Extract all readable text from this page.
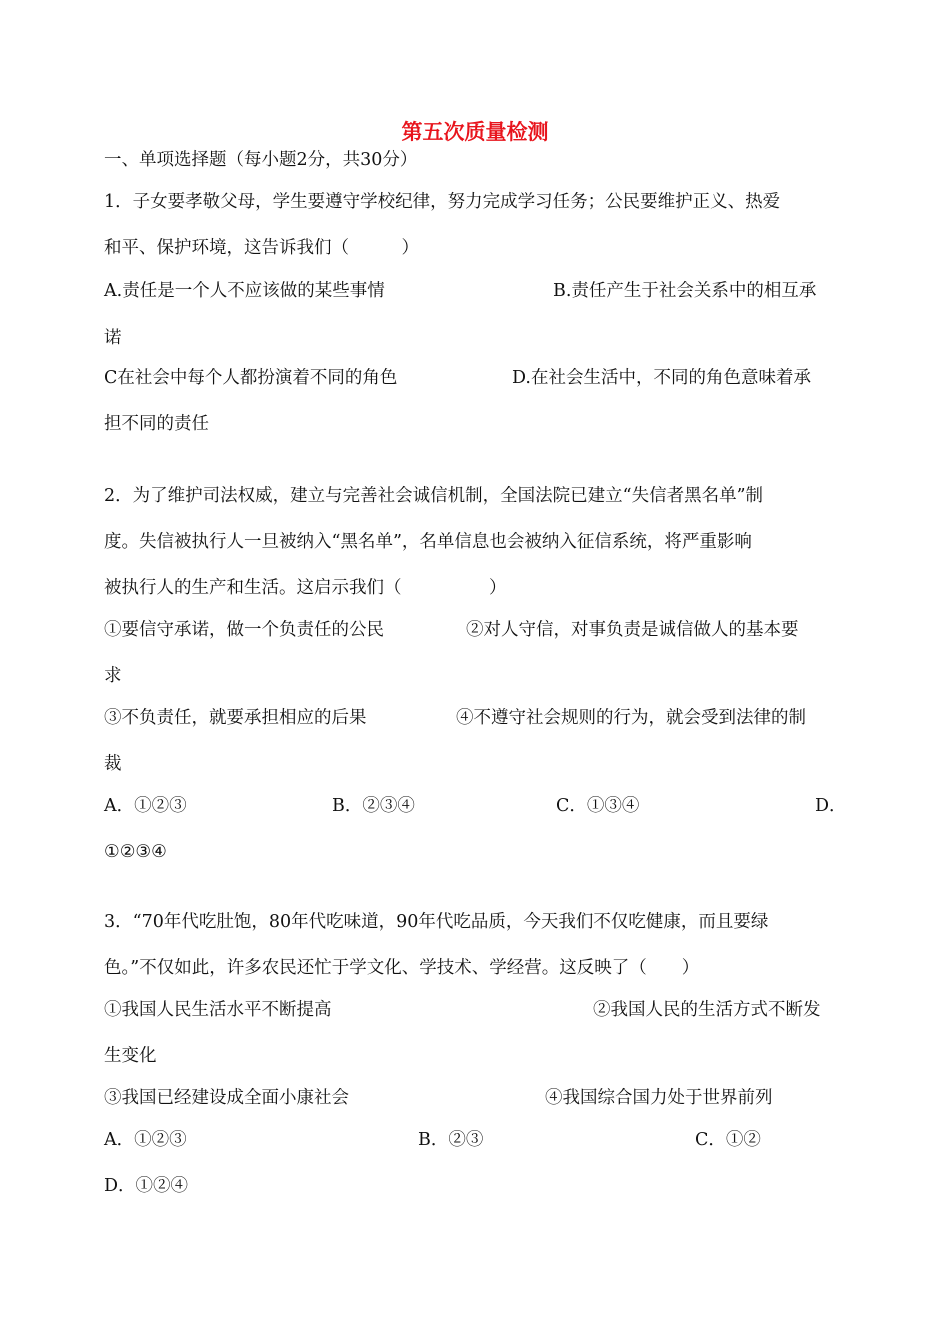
第五次质量检测
一、单项选择题（每小题2分，共30分）
1．子女要孝敬父母，学生要遵守学校纪律，努力完成学习任务；公民要维护正义、热爱
和平、保护环境，这告诉我们（　　　）
A.责任是一个人不应该做的某些事情	B.责任产生于社会关系中的相互承
诺
C在社会中每个人都扮演着不同的角色	D.在社会生活中，不同的角色意味着承
担不同的责任
2．为了维护司法权威，建立与完善社会诚信机制，全国法院已建立“失信者黑名单”制
度。失信被执行人一旦被纳入“黑名单”，名单信息也会被纳入征信系统，将严重影响
被执行人的生产和生活。这启示我们（　　　　　）
①要信守承诺，做一个负责任的公民	②对人守信，对事负责是诚信做人的基本要
求
③不负责任，就要承担相应的后果	④不遵守社会规则的行为，就会受到法律的制
裁
A．①②③	B．②③④	C．①③④	D．
①②③④
3．“70年代吃肚饱，80年代吃味道，90年代吃品质，今天我们不仅吃健康，而且要绿
色。”不仅如此，许多农民还忙于学文化、学技术、学经营。这反映了（　　）
①我国人民生活水平不断提高	②我国人民的生活方式不断发
生变化
③我国已经建设成全面小康社会	④我国综合国力处于世界前列
A．①②③	B．②③	C．①②
D．①②④
